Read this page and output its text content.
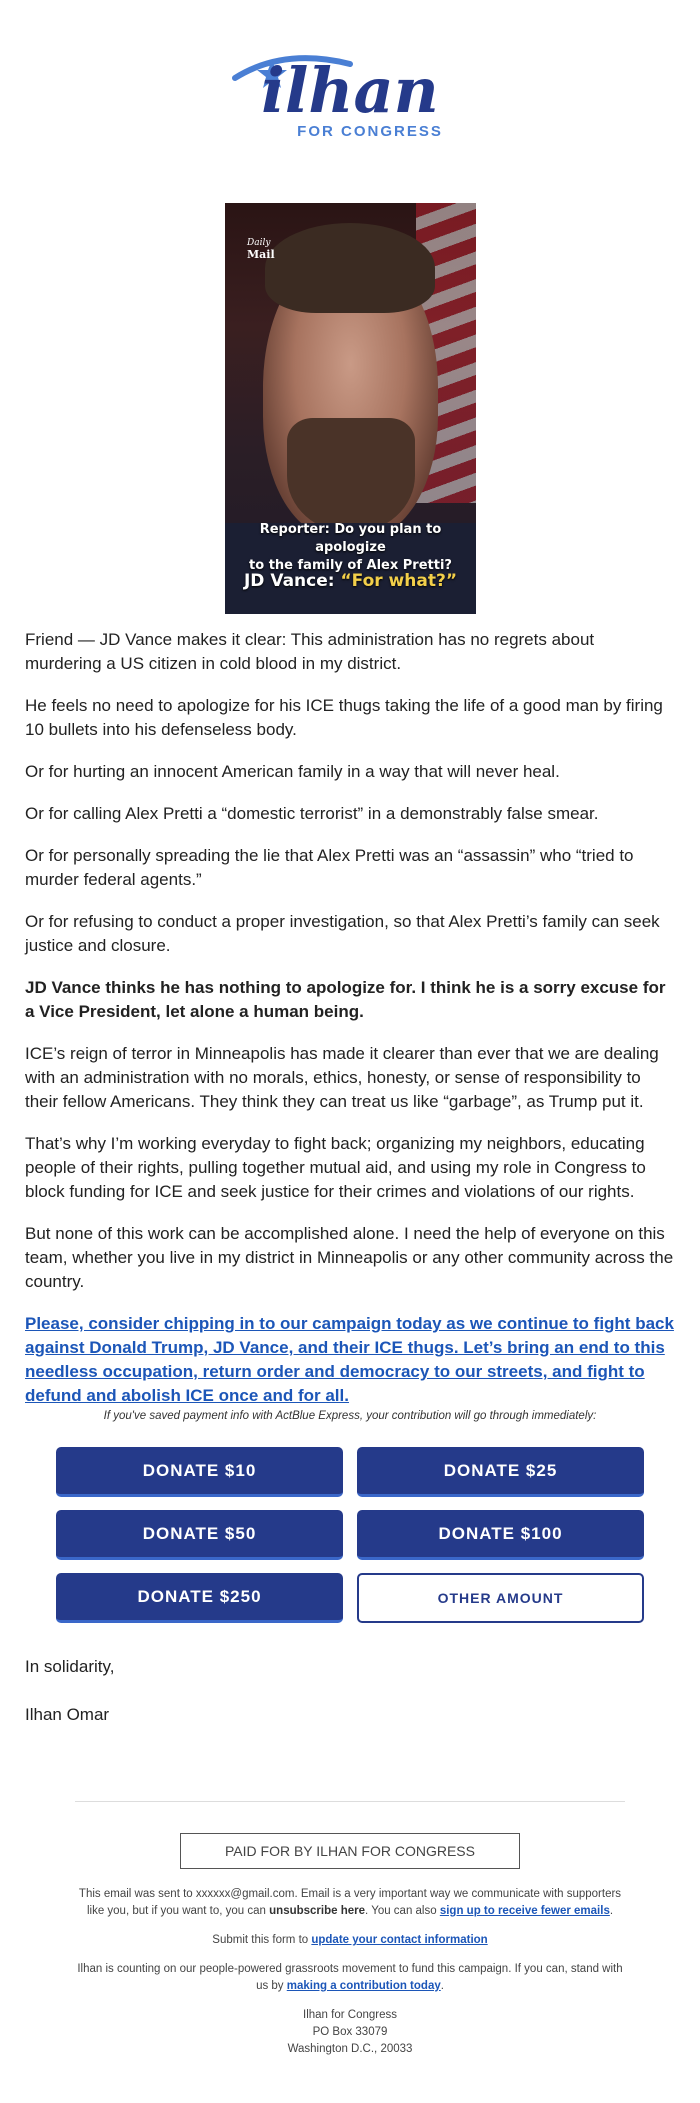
ilhan
FOR CONGRESS
Daily
Mail
Reporter: Do you plan to apologize
to the family of Alex Pretti?
JD Vance: “For what?”

Friend — JD Vance makes it clear: This administration has no regrets about murdering a US citizen in cold blood in my district.

He feels no need to apologize for his ICE thugs taking the life of a good man by firing 10 bullets into his defenseless body.

Or for hurting an innocent American family in a way that will never heal.

Or for calling Alex Pretti a “domestic terrorist” in a demonstrably false smear.

Or for personally spreading the lie that Alex Pretti was an “assassin” who “tried to murder federal agents.”

Or for refusing to conduct a proper investigation, so that Alex Pretti’s family can seek justice and closure.

JD Vance thinks he has nothing to apologize for. I think he is a sorry excuse for a Vice President, let alone a human being.

ICE’s reign of terror in Minneapolis has made it clearer than ever that we are dealing with an administration with no morals, ethics, honesty, or sense of responsibility to their fellow Americans. They think they can treat us like “garbage”, as Trump put it.

That’s why I’m working everyday to fight back; organizing my neighbors, educating people of their rights, pulling together mutual aid, and using my role in Congress to block funding for ICE and seek justice for their crimes and violations of our rights.

But none of this work can be accomplished alone. I need the help of everyone on this team, whether you live in my district in Minneapolis or any other community across the country.

Please, consider chipping in to our campaign today as we continue to fight back against Donald Trump, JD Vance, and their ICE thugs. Let’s bring an end to this needless occupation, return order and democracy to our streets, and fight to defund and abolish ICE once and for all.

If you've saved payment info with ActBlue Express, your contribution will go through immediately:
DONATE $10	DONATE $25
DONATE $50	DONATE $100
DONATE $250	OTHER AMOUNT
In solidarity,
Ilhan Omar
PAID FOR BY ILHAN FOR CONGRESS

This email was sent to xxxxxx@gmail.com. Email is a very important way we communicate with supporters like you, but if you want to, you can unsubscribe here. You can also sign up to receive fewer emails.

Submit this form to update your contact information

Ilhan is counting on our people-powered grassroots movement to fund this campaign. If you can, stand with us by making a contribution today.

Ilhan for Congress
PO Box 33079
Washington D.C., 20033
